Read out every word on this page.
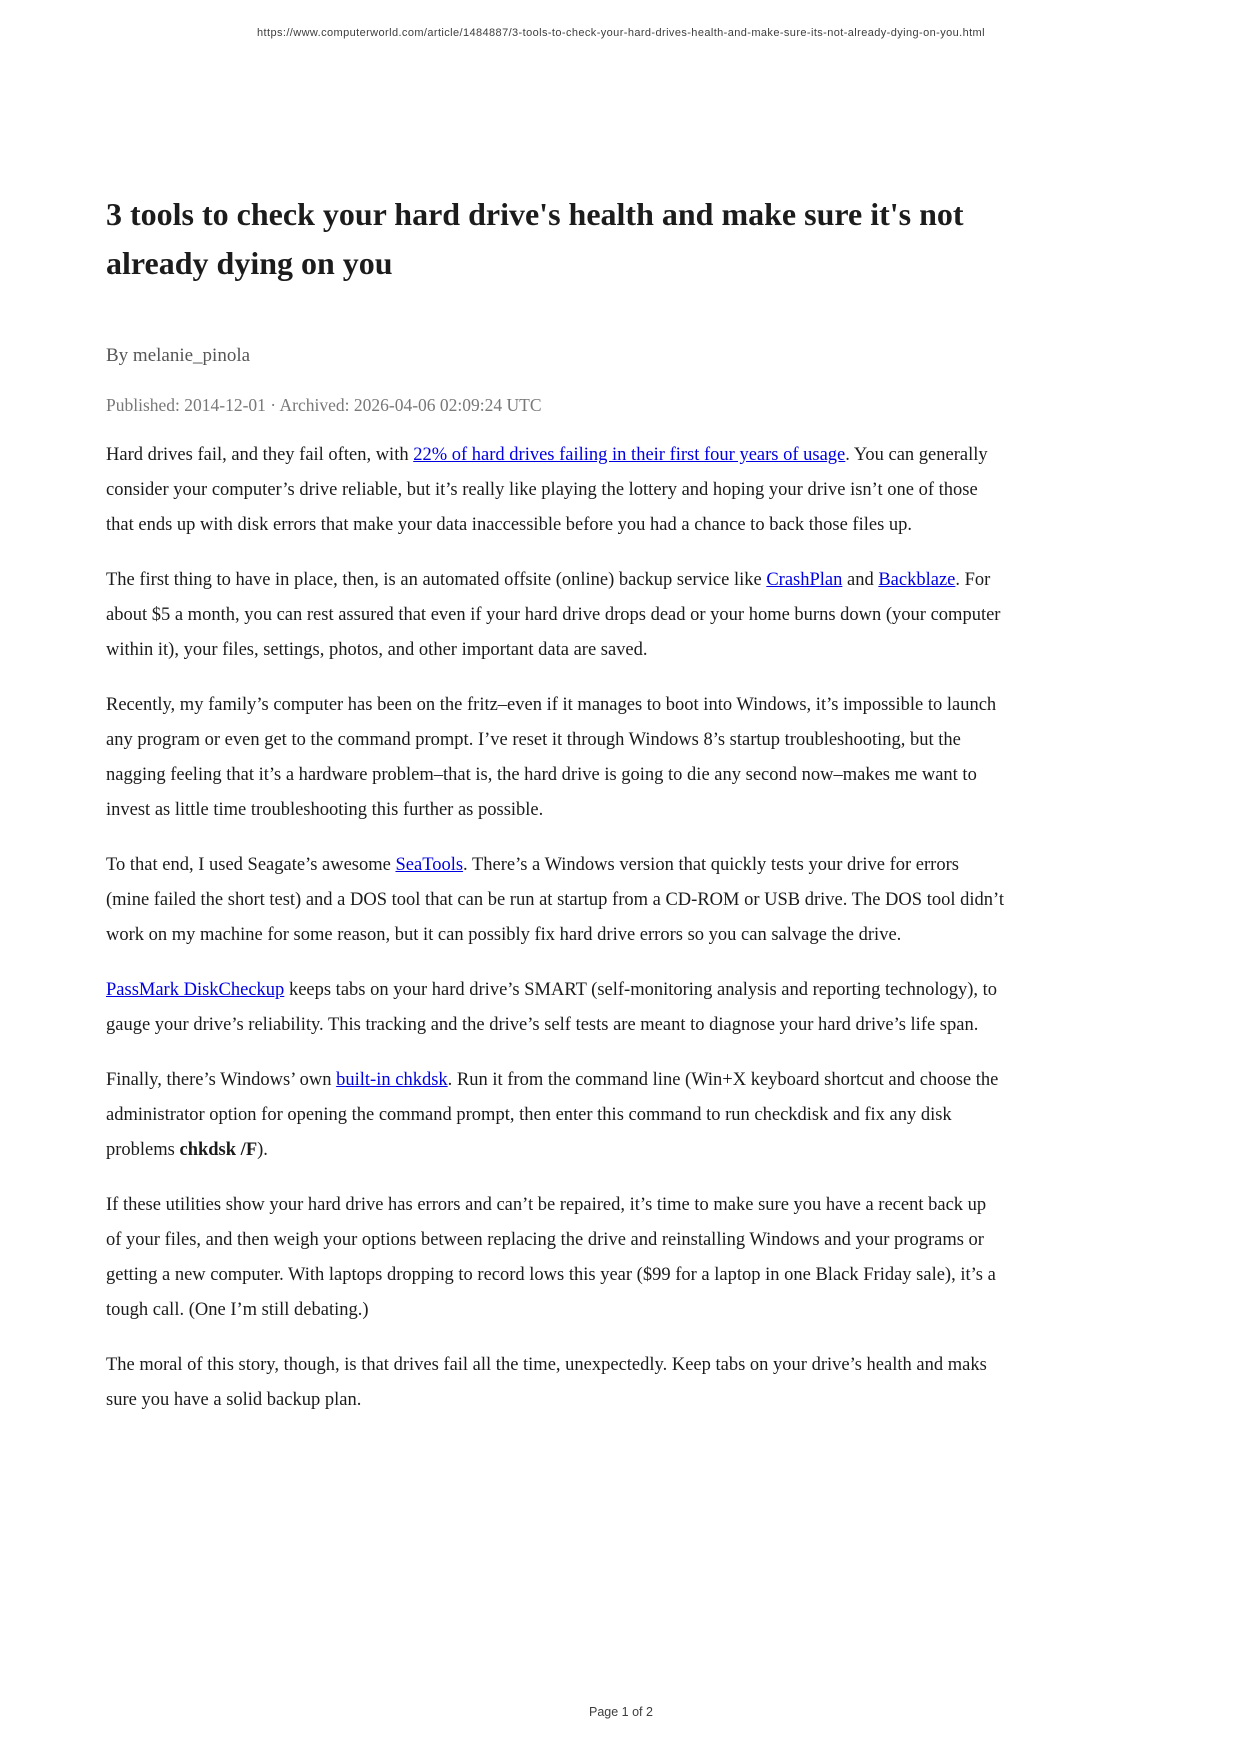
https://www.computerworld.com/article/1484887/3-tools-to-check-your-hard-drives-health-and-make-sure-its-not-already-dying-on-you.html
3 tools to check your hard drive's health and make sure it's not already dying on you
By melanie_pinola
Published: 2014-12-01 · Archived: 2026-04-06 02:09:24 UTC

Hard drives fail, and they fail often, with 22% of hard drives failing in their first four years of usage. You can generally consider your computer’s drive reliable, but it’s really like playing the lottery and hoping your drive isn’t one of those that ends up with disk errors that make your data inaccessible before you had a chance to back those files up.

The first thing to have in place, then, is an automated offsite (online) backup service like CrashPlan and Backblaze. For about $5 a month, you can rest assured that even if your hard drive drops dead or your home burns down (your computer within it), your files, settings, photos, and other important data are saved.

Recently, my family’s computer has been on the fritz–even if it manages to boot into Windows, it’s impossible to launch any program or even get to the command prompt. I’ve reset it through Windows 8’s startup troubleshooting, but the nagging feeling that it’s a hardware problem–that is, the hard drive is going to die any second now–makes me want to invest as little time troubleshooting this further as possible.

To that end, I used Seagate’s awesome SeaTools. There’s a Windows version that quickly tests your drive for errors (mine failed the short test) and a DOS tool that can be run at startup from a CD-ROM or USB drive. The DOS tool didn’t work on my machine for some reason, but it can possibly fix hard drive errors so you can salvage the drive.

PassMark DiskCheckup keeps tabs on your hard drive’s SMART (self-monitoring analysis and reporting technology), to gauge your drive’s reliability. This tracking and the drive’s self tests are meant to diagnose your hard drive’s life span.

Finally, there’s Windows’ own built-in chkdsk. Run it from the command line (Win+X keyboard shortcut and choose the administrator option for opening the command prompt, then enter this command to run checkdisk and fix any disk problems chkdsk /F).

If these utilities show your hard drive has errors and can’t be repaired, it’s time to make sure you have a recent back up of your files, and then weigh your options between replacing the drive and reinstalling Windows and your programs or getting a new computer. With laptops dropping to record lows this year ($99 for a laptop in one Black Friday sale), it’s a tough call. (One I’m still debating.)

The moral of this story, though, is that drives fail all the time, unexpectedly. Keep tabs on your drive’s health and maks sure you have a solid backup plan.

Page 1 of 2
